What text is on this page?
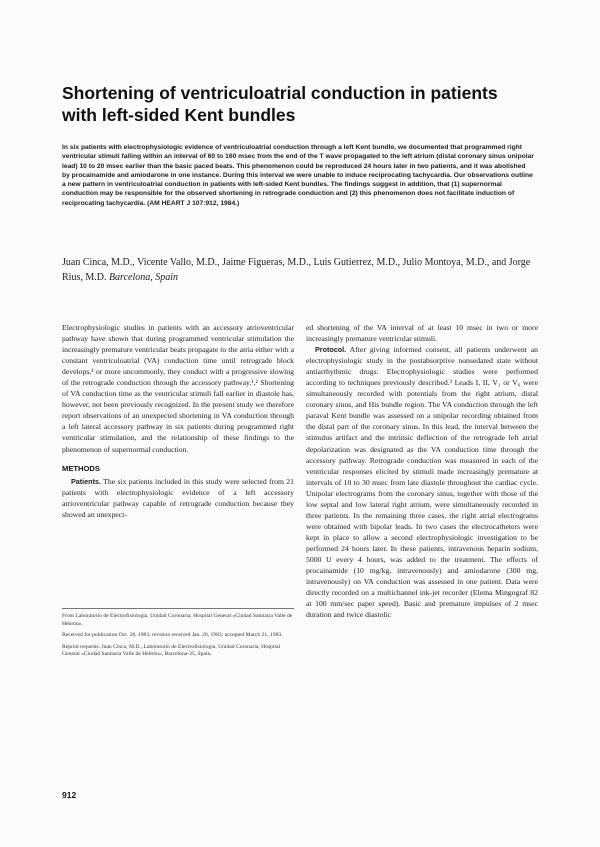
Shortening of ventriculoatrial conduction in patients with left-sided Kent bundles

In six patients with electrophysiologic evidence of ventriculoatrial conduction through a left Kent bundle, we documented that programmed right ventricular stimuli falling within an interval of 60 to 160 msec from the end of the T wave propagated to the left atrium (distal coronary sinus unipolar lead) 10 to 20 msec earlier than the basic paced beats. This phenomenon could be reproduced 24 hours later in two patients, and it was abolished by procainamide and amiodarone in one instance. During this interval we were unable to induce reciprocating tachycardia. Our observations outline a new pattern in ventriculoatrial conduction in patients with left-sided Kent bundles. The findings suggest in addition, that (1) supernormal conduction may be responsible for the observed shortening in retrograde conduction and (2) this phenomenon does not facilitate induction of reciprocating tachycardia. (AM HEART J 107:912, 1984.)

Juan Cinca, M.D., Vicente Vallo, M.D., Jaime Figueras, M.D., Luis Gutierrez, M.D., Julio Montoya, M.D., and Jorge Rius, M.D. Barcelona, Spain

Electrophysiologic studies in patients with an accessory atrioventricular pathway have shown that during programmed ventricular stimulation the increasingly premature ventricular beats propagate to the atria either with a constant ventriculoatrial (VA) conduction time until retrograde block develops,¹ or more uncommonly, they conduct with a progressive slowing of the retrograde conduction through the accessory pathway.¹,² Shortening of VA conduction time as the ventricular stimuli fall earlier in diastole has, however, not been previously recognized. In the present study we therefore report observations of an unexpected shortening in VA conduction through a left lateral accessory pathway in six patients during programmed right ventricular stimulation, and the relationship of these findings to the phenomenon of supernormal conduction.

METHODS

Patients. The six patients included in this study were selected from 21 patients with electrophysiologic evidence of a left accessory atrioventricular pathway capable of retrograde conduction because they showed an unexpect-

From Laboratorio de Electrofisiología, Unidad Coronaria, Hospital General «Ciudad Sanitaria Valle de Hebrón».

Received for publication Oct. 28, 1983; revision received Jan. 20, 1983; accepted March 21, 1983.

Reprint requests: Juan Cinca, M.D., Laboratorio de Electrofisiología, Unidad Coronaria, Hospital General «Ciudad Sanitaria Valle de Hebrón», Barcelona-35, Spain.

ed shortening of the VA interval of at least 10 msec in two or more increasingly premature ventricular stimuli.

Protocol. After giving informed consent, all patients underwent an electrophysiologic study in the postabsorptive nonsedated state without antiarrhythmic drugs. Electrophysiologic studies were performed according to techniques previously described.³ Leads I, II, V₁ or V₆ were simultaneously recorded with potentials from the right atrium, distal coronary sinus, and His bundle region. The VA conduction through the left paraval Kent bundle was assessed on a unipolar recording obtained from the distal part of the coronary sinus. In this lead, the interval between the stimulus artifact and the intrinsic deflection of the retrograde left atrial depolarization was designated as the VA conduction time through the accessory pathway. Retrograde conduction was measured in each of the ventricular responses elicited by stimuli made increasingly premature at intervals of 10 to 30 msec from late diastole throughout the cardiac cycle. Unipolar electrograms from the coronary sinus, together with those of the low septal and low lateral right atrium, were simultaneously recorded in three patients. In the remaining three cases, the right atrial electrograms were obtained with bipolar leads. In two cases the electrocatheters were kept in place to allow a second electrophysiologic investigation to be performed 24 hours later. In these patients, intravenous heparin sodium, 5000 U every 4 hours, was added to the treatment. The effects of procainamide (10 mg/kg, intravenously) and amiodarone (300 mg, intravenously) on VA conduction was assessed in one patient. Data were directly recorded on a multichannel ink-jet recorder (Elema Mingograf 82 at 100 mm/sec paper speed). Basic and premature impulses of 2 msec duration and twice diastolic

912
